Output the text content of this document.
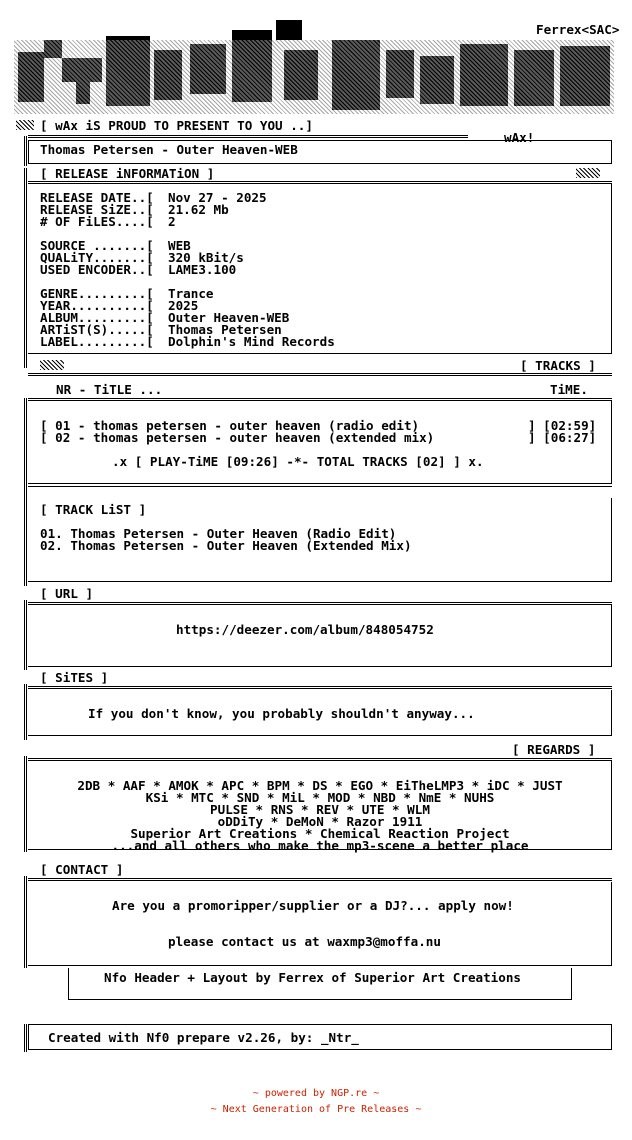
Ferrex<SAC>
wAx!
[ wAx iS PROUD TO PRESENT TO YOU ..]
Thomas Petersen - Outer Heaven-WEB
[ RELEASE iNFORMATiON ]
RELEASE DATE..[ Nov 27 - 2025
RELEASE SiZE..[ 21.62 Mb
# OF FiLES....[ 2
SOURCE .......[ WEB
QUALiTY.......[ 320 kBit/s
USED ENCODER..[ LAME3.100
GENRE.........[ Trance
YEAR..........[ 2025
ALBUM.........[ Outer Heaven-WEB
ARTiST(S).....[ Thomas Petersen
LABEL.........[ Dolphin's Mind Records
[ TRACKS ]
NR - TiTLE ...	TiME.
[ 01 - thomas petersen - outer heaven (radio edit)	] [02:59]
[ 02 - thomas petersen - outer heaven (extended mix)	] [06:27]
.x [ PLAY-TiME [09:26] -*- TOTAL TRACKS [02] ] x.
[ TRACK LiST ]
01. Thomas Petersen - Outer Heaven (Radio Edit)
02. Thomas Petersen - Outer Heaven (Extended Mix)
[ URL ]
https://deezer.com/album/848054752
[ SiTES ]
If you don't know, you probably shouldn't anyway...
[ REGARDS ]
2DB * AAF * AMOK * APC * BPM * DS * EGO * EiTheLMP3 * iDC * JUST
KSi * MTC * SND * MiL * MOD * NBD * NmE * NUHS
PULSE * RNS * REV * UTE * WLM
oDDiTy * DeMoN * Razor 1911
Superior Art Creations * Chemical Reaction Project
...and all others who make the mp3-scene a better place
[ CONTACT ]
Are you a promoripper/supplier or a DJ?... apply now!
please contact us at waxmp3@moffa.nu
Nfo Header + Layout by Ferrex of Superior Art Creations
Created with Nf0 prepare v2.26, by: _Ntr_
~ powered by NGP.re ~
~ Next Generation of Pre Releases ~
